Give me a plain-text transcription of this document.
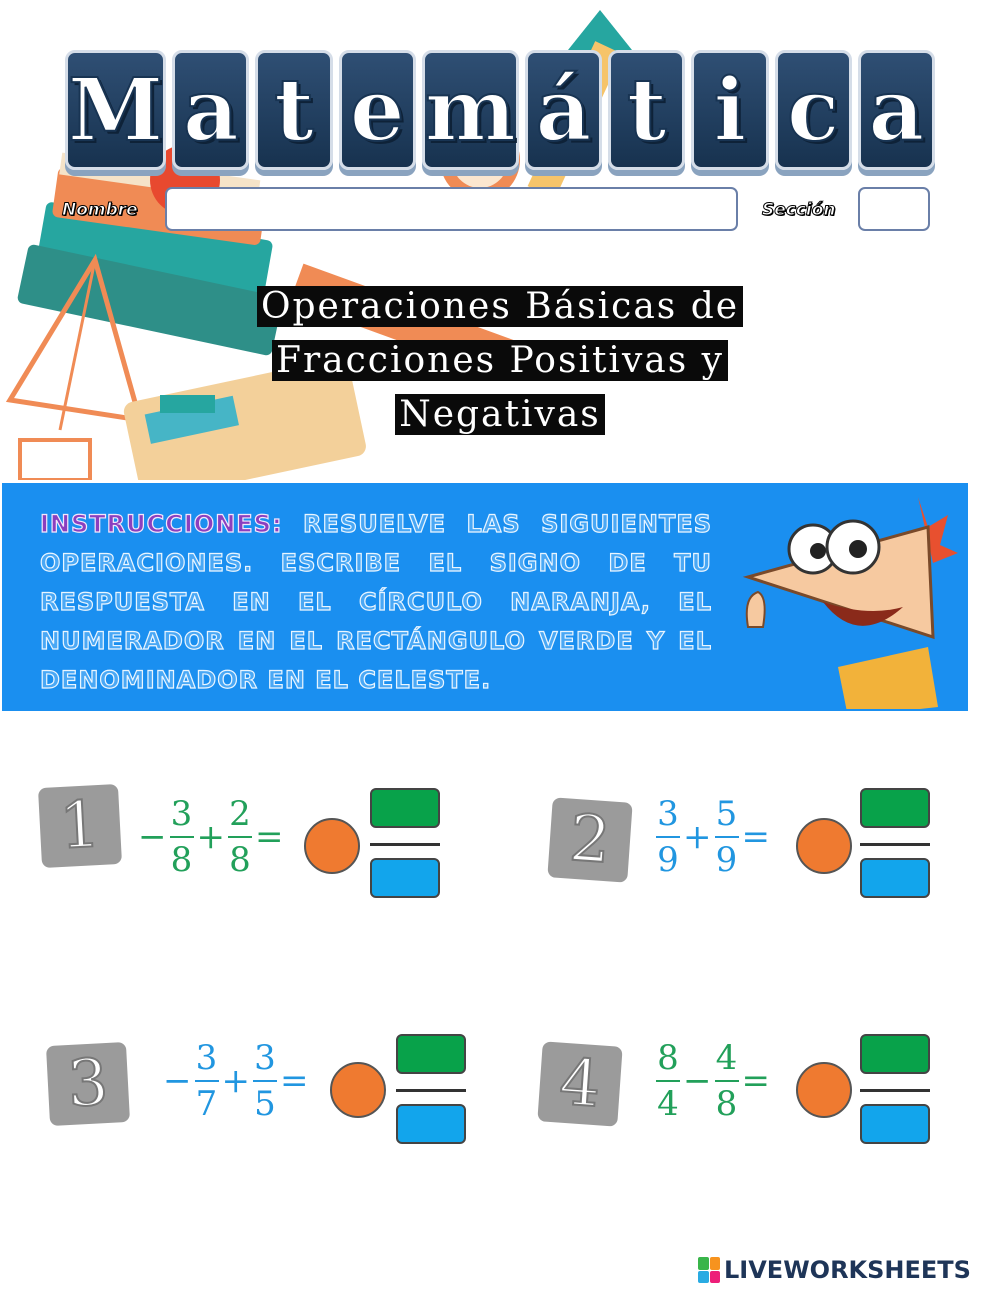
M a t e m á t i c a
Nombre	Sección
Operaciones Básicas de
Fracciones Positivas y
Negativas
INSTRUCCIONES: RESUELVE LAS SIGUIENTES OPERACIONES. ESCRIBE EL SIGNO DE TU RESPUESTA EN EL CÍRCULO NARANJA, EL NUMERADOR EN EL RECTÁNGULO VERDE Y EL DENOMINADOR EN EL CELESTE.
1	− $\frac{3}{8} + \frac{2}{8}$ =	2	$\frac{3}{9} + \frac{5}{9}$ =
3	− $\frac{3}{7} + \frac{3}{5}$ =	4	$\frac{8}{4} - \frac{4}{8}$ =
LIVEWORKSHEETS
